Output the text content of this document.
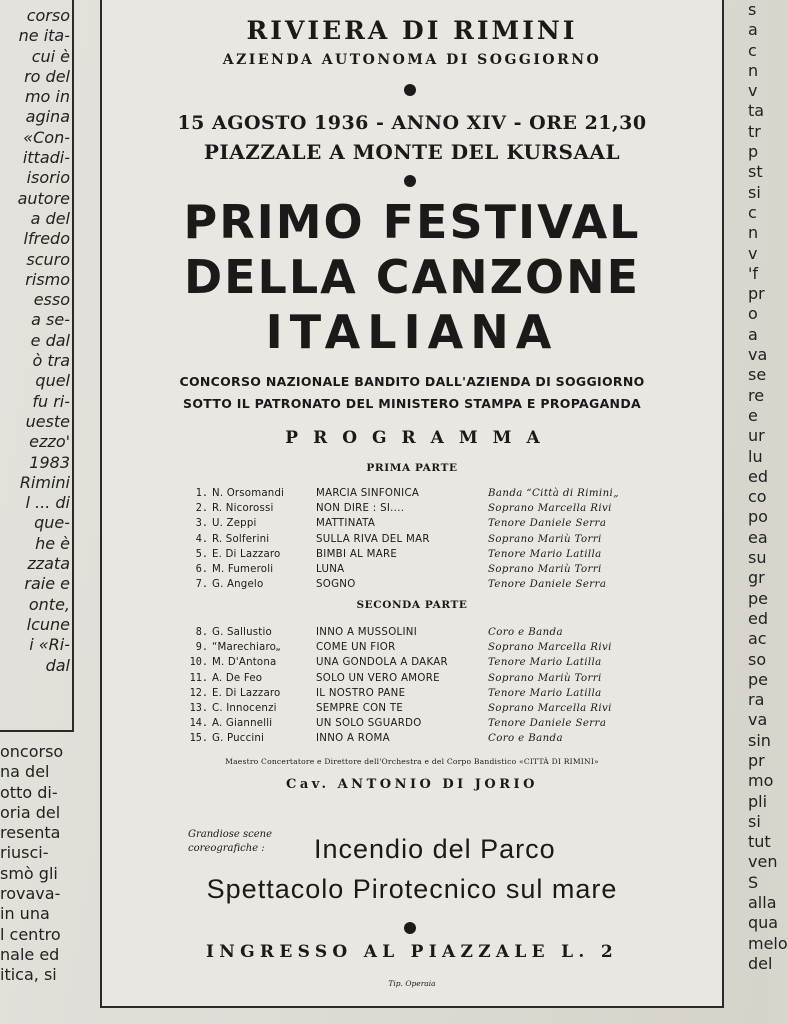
corso
ne ita-
cui è
ro del
mo in
agina
«Con-
ittadi-
isorio
autore
a del
lfredo
scuro
rismo
esso
a se-
e dal
ò tra
quel
fu ri-
ueste
ezzo'
1983
Rimini
l ... di
que-
he è
zzata
raie e
onte,
lcune
i «Ri-
dal
oncorso
na del
otto di-
oria del
resenta
riusci-
smò gli
rovava-
in una
l centro
nale ed
itica, si
s
a
c
n
v
ta
tr
p
st
si
c
n
v
'f
pr
o
a
va
se
re
e
ur
lu
ed
co
po
ea
su
gr
pe
ed
ac
so
pe
ra
va
sin
pr
mo
pli
si
tut
ven
S
alla
qua
melo
del
RIVIERA DI RIMINI
AZIENDA AUTONOMA DI SOGGIORNO
15 AGOSTO 1936 - ANNO XIV - ORE 21,30
PIAZZALE A MONTE DEL KURSAAL
PRIMO FESTIVAL
DELLA CANZONE
ITALIANA
CONCORSO NAZIONALE BANDITO DALL'AZIENDA DI SOGGIORNO
SOTTO IL PATRONATO DEL MINISTERO STAMPA E PROPAGANDA
PROGRAMMA
PRIMA PARTE
1. N. Orsomandi	MARCIA SINFONICA	Banda “Città di Rimini„
2. R. Nicorossi	NON DIRE : SI....	Soprano Marcella Rivi
3. U. Zeppi	MATTINATA	Tenore Daniele Serra
4. R. Solferini	SULLA RIVA DEL MAR	Soprano Mariù Torri
5. E. Di Lazzaro	BIMBI AL MARE	Tenore Mario Latilla
6. M. Fumeroli	LUNA	Soprano Mariù Torri
7. G. Angelo	SOGNO	Tenore Daniele Serra
SECONDA PARTE
8. G. Sallustio	INNO A MUSSOLINI	Coro e Banda
9. “Marechiaro„	COME UN FIOR	Soprano Marcella Rivi
10. M. D'Antona	UNA GONDOLA A DAKAR	Tenore Mario Latilla
11. A. De Feo	SOLO UN VERO AMORE	Soprano Mariù Torri
12. E. Di Lazzaro	IL NOSTRO PANE	Tenore Mario Latilla
13. C. Innocenzi	SEMPRE CON TE	Soprano Marcella Rivi
14. A. Giannelli	UN SOLO SGUARDO	Tenore Daniele Serra
15. G. Puccini	INNO A ROMA	Coro e Banda
Maestro Concertatore e Direttore dell'Orchestra e del Corpo Bandistico «CITTÀ DI RIMINI»
Cav. ANTONIO DI JORIO
Grandiose scene
coreografiche : Incendio del Parco
Spettacolo Pirotecnico sul mare
INGRESSO AL PIAZZALE L. 2
Tip. Operaia
